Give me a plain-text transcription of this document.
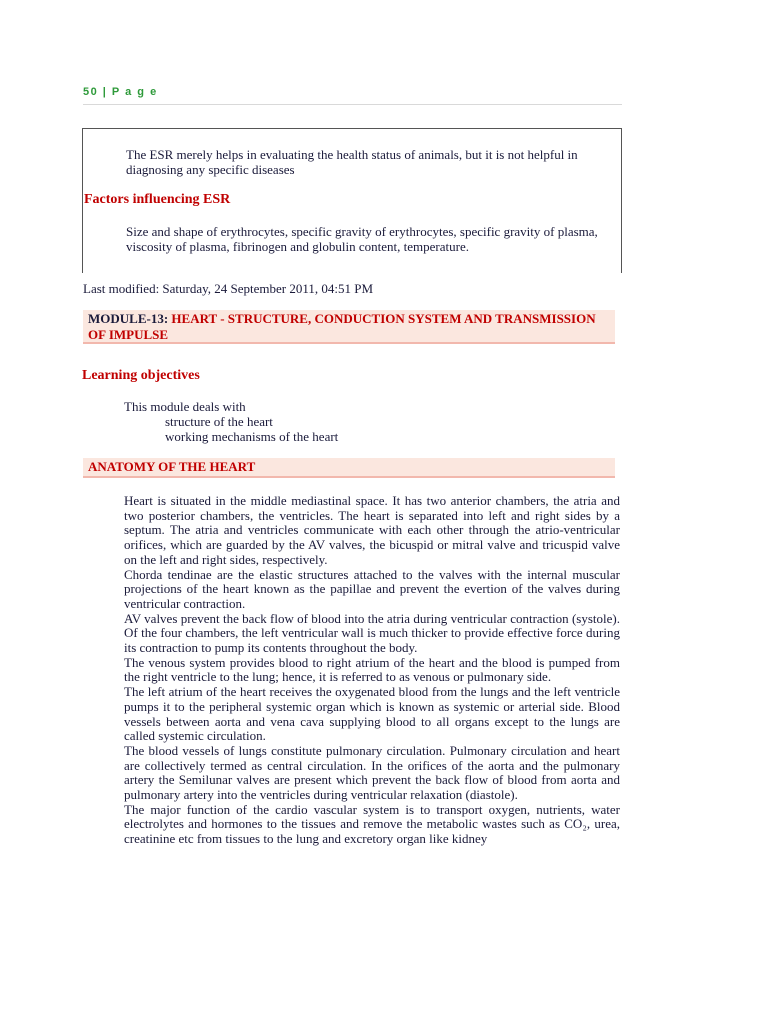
50 | P a g e
The ESR merely helps in evaluating the health status of animals, but it is not helpful in diagnosing any specific diseases
Factors influencing ESR
Size and shape of erythrocytes, specific gravity of erythrocytes, specific gravity of plasma, viscosity of plasma, fibrinogen and globulin content, temperature.
Last modified: Saturday, 24 September 2011, 04:51 PM
MODULE-13: HEART - STRUCTURE, CONDUCTION SYSTEM AND TRANSMISSION OF IMPULSE
Learning objectives
This module deals with
structure of the heart
working mechanisms of the heart
ANATOMY OF THE HEART

Heart is situated in the middle mediastinal space. It has two anterior chambers, the atria and two posterior chambers, the ventricles. The heart is separated into left and right sides by a septum. The atria and ventricles communicate with each other through the atrio-ventricular orifices, which are guarded by the AV valves, the bicuspid or mitral valve and tricuspid valve on the left and right sides, respectively.

Chorda tendinae are the elastic structures attached to the valves with the internal muscular projections of the heart known as the papillae and prevent the evertion of the valves during ventricular contraction.

AV valves prevent the back flow of blood into the atria during ventricular contraction (systole). Of the four chambers, the left ventricular wall is much thicker to provide effective force during its contraction to pump its contents throughout the body.

The venous system provides blood to right atrium of the heart and the blood is pumped from the right ventricle to the lung; hence, it is referred to as venous or pulmonary side.

The left atrium of the heart receives the oxygenated blood from the lungs and the left ventricle pumps it to the peripheral systemic organ which is known as systemic or arterial side. Blood vessels between aorta and vena cava supplying blood to all organs except to the lungs are called systemic circulation.

The blood vessels of lungs constitute pulmonary circulation. Pulmonary circulation and heart are collectively termed as central circulation. In the orifices of the aorta and the pulmonary artery the Semilunar valves are present which prevent the back flow of blood from aorta and pulmonary artery into the ventricles during ventricular relaxation (diastole).

The major function of the cardio vascular system is to transport oxygen, nutrients, water electrolytes and hormones to the tissues and remove the metabolic wastes such as CO₂, urea, creatinine etc from tissues to the lung and excretory organ like kidney
